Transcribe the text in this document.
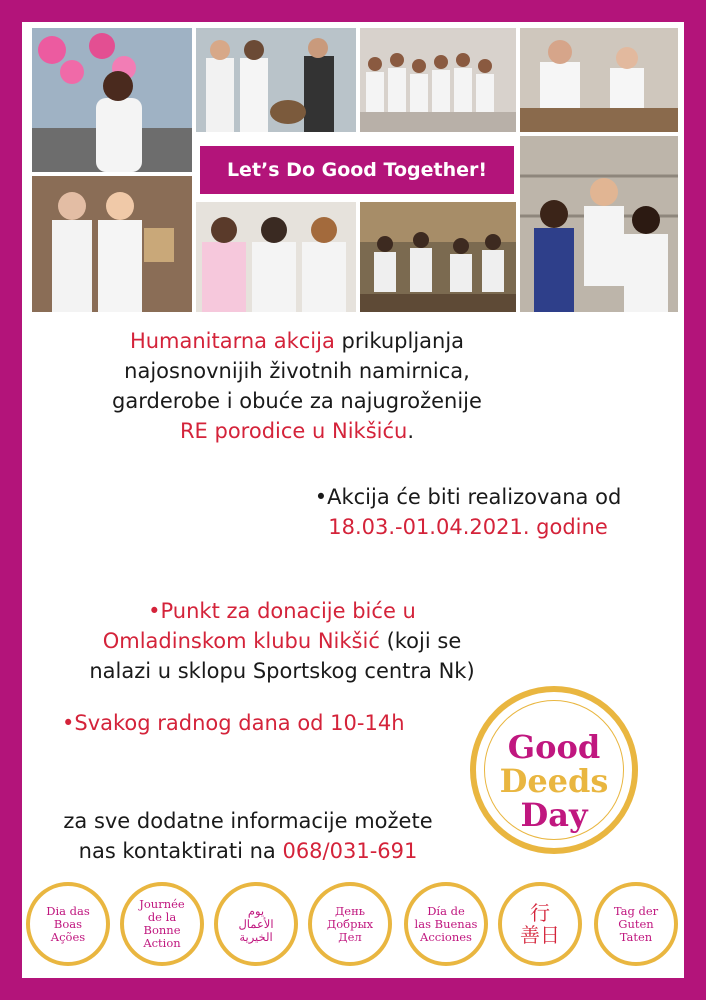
Let’s Do Good Together!
Humanitarna akcija prikupljanja
najosnovnijih životnih namirnica,
garderobe i obuće za najugroženije
RE porodice u Nikšiću.
•Akcija će biti realizovana od
18.03.-01.04.2021. godine
•Punkt za donacije biće u
Omladinskom klubu Nikšić (koji se
nalazi u sklopu Sportskog centra Nk)
•Svakog radnog dana od 10-14h
za sve dodatne informacije možete
nas kontaktirati na 068/031-691
Good
Deeds
Day
Dia das
Boas
Ações
Journée
de la Bonne
Action
يوم
الأعمال
الخيرية
День
Добрых
Дел
Día de
las Buenas
Acciones
行
善日
Tag der
Guten
Taten
